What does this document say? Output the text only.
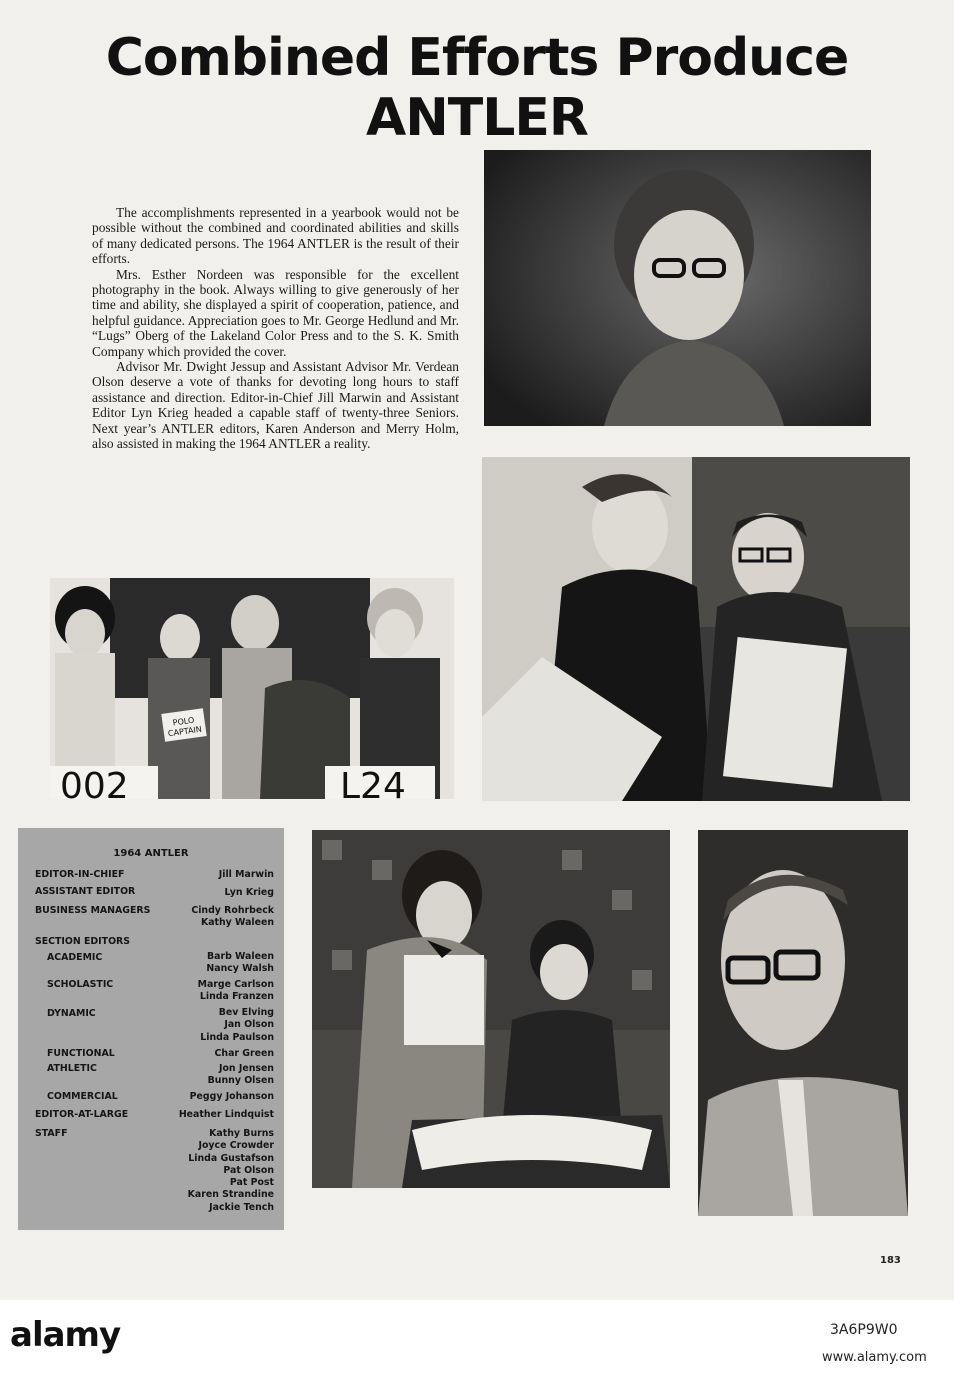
Combined Efforts Produce ANTLER

The accomplishments represented in a yearbook would not be possible without the combined and coordinated abilities and skills of many dedicated persons. The 1964 ANTLER is the result of their efforts.

Mrs. Esther Nordeen was responsible for the excellent photography in the book. Always willing to give generously of her time and ability, she displayed a spirit of cooperation, patience, and helpful guidance. Appreciation goes to Mr. George Hedlund and Mr. “Lugs” Oberg of the Lakeland Color Press and to the S. K. Smith Company which provided the cover.

Advisor Mr. Dwight Jessup and Assistant Advisor Mr. Verdean Olson deserve a vote of thanks for devoting long hours to staff assistance and direction. Editor-in-Chief Jill Marwin and Assistant Editor Lyn Krieg headed a capable staff of twenty-three Seniors. Next year’s ANTLER editors, Karen Anderson and Merry Holm, also assisted in making the 1964 ANTLER a reality.

POLO
CAPTAIN
002	L24
1964 ANTLER
EDITOR-IN-CHIEF	Jill Marwin
ASSISTANT EDITOR	Lyn Krieg
BUSINESS MANAGERS	Cindy Rohrbeck
Kathy Waleen
SECTION EDITORS
ACADEMIC	Barb Waleen
Nancy Walsh
SCHOLASTIC	Marge Carlson
Linda Franzen
DYNAMIC	Bev Elving
Jan Olson
Linda Paulson
FUNCTIONAL	Char Green
ATHLETIC	Jon Jensen
Bunny Olsen
COMMERCIAL	Peggy Johanson
EDITOR-AT-LARGE	Heather Lindquist
STAFF	Kathy Burns
Joyce Crowder
Linda Gustafson
Pat Olson
Pat Post
Karen Strandine
Jackie Tench
183
alamy	3A6P9W0
www.alamy.com
